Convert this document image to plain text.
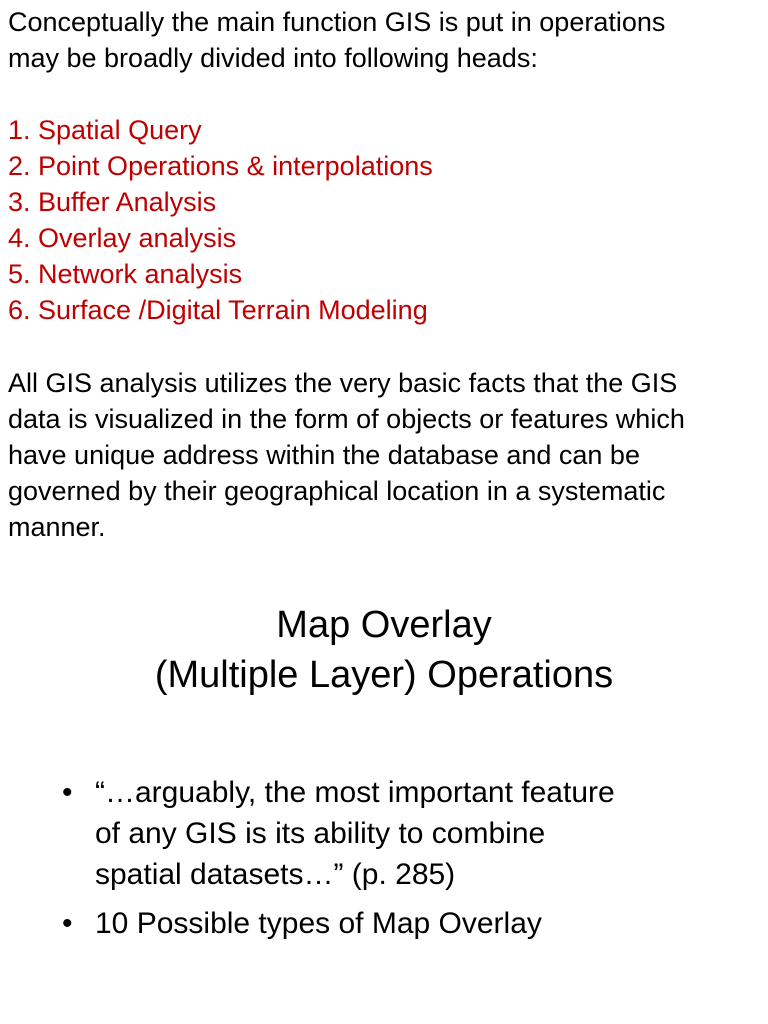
Conceptually the main function GIS is put in operations
may be broadly divided into following heads:
1. Spatial Query
2. Point Operations & interpolations
3. Buffer Analysis
4. Overlay analysis
5. Network analysis
6. Surface /Digital Terrain Modeling
All GIS analysis utilizes the very basic facts that the GIS
data is visualized in the form of objects or features which
have unique address within the database and can be
governed by their geographical location in a systematic
manner.
Map Overlay
(Multiple Layer) Operations
• “…arguably, the most important feature
of any GIS is its ability to combine
spatial datasets…” (p. 285)
• 10 Possible types of Map Overlay
